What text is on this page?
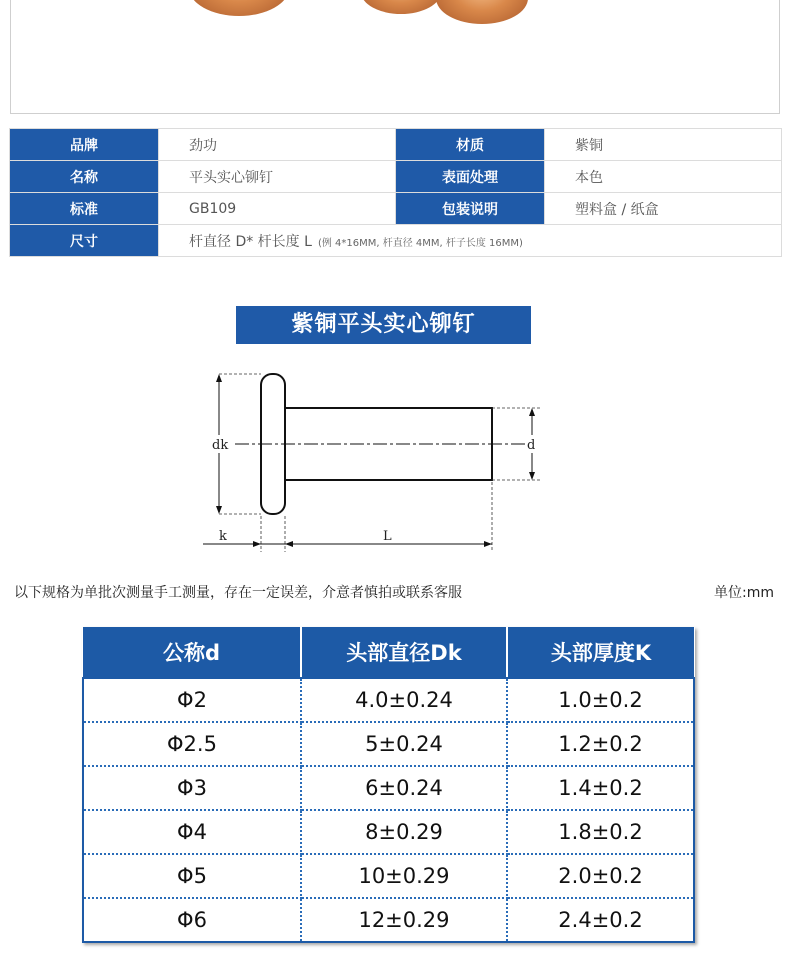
品牌	劲功	材质	紫铜
名称	平头实心铆钉	表面处理	本色
标准	GB109	包装说明	塑料盒 / 纸盒
尺寸	杆直径 D* 杆长度 L (例 4*16MM, 杆直径 4MM, 杆子长度 16MM)		
紫铜平头实心铆钉
dk	d
k	L
以下规格为单批次测量手工测量，存在一定误差，介意者慎拍或联系客服	单位:mm
公称d	头部直径Dk	头部厚度K
Φ2	4.0±0.24	1.0±0.2
Φ2.5	5±0.24	1.2±0.2
Φ3	6±0.24	1.4±0.2
Φ4	8±0.29	1.8±0.2
Φ5	10±0.29	2.0±0.2
Φ6	12±0.29	2.4±0.2
